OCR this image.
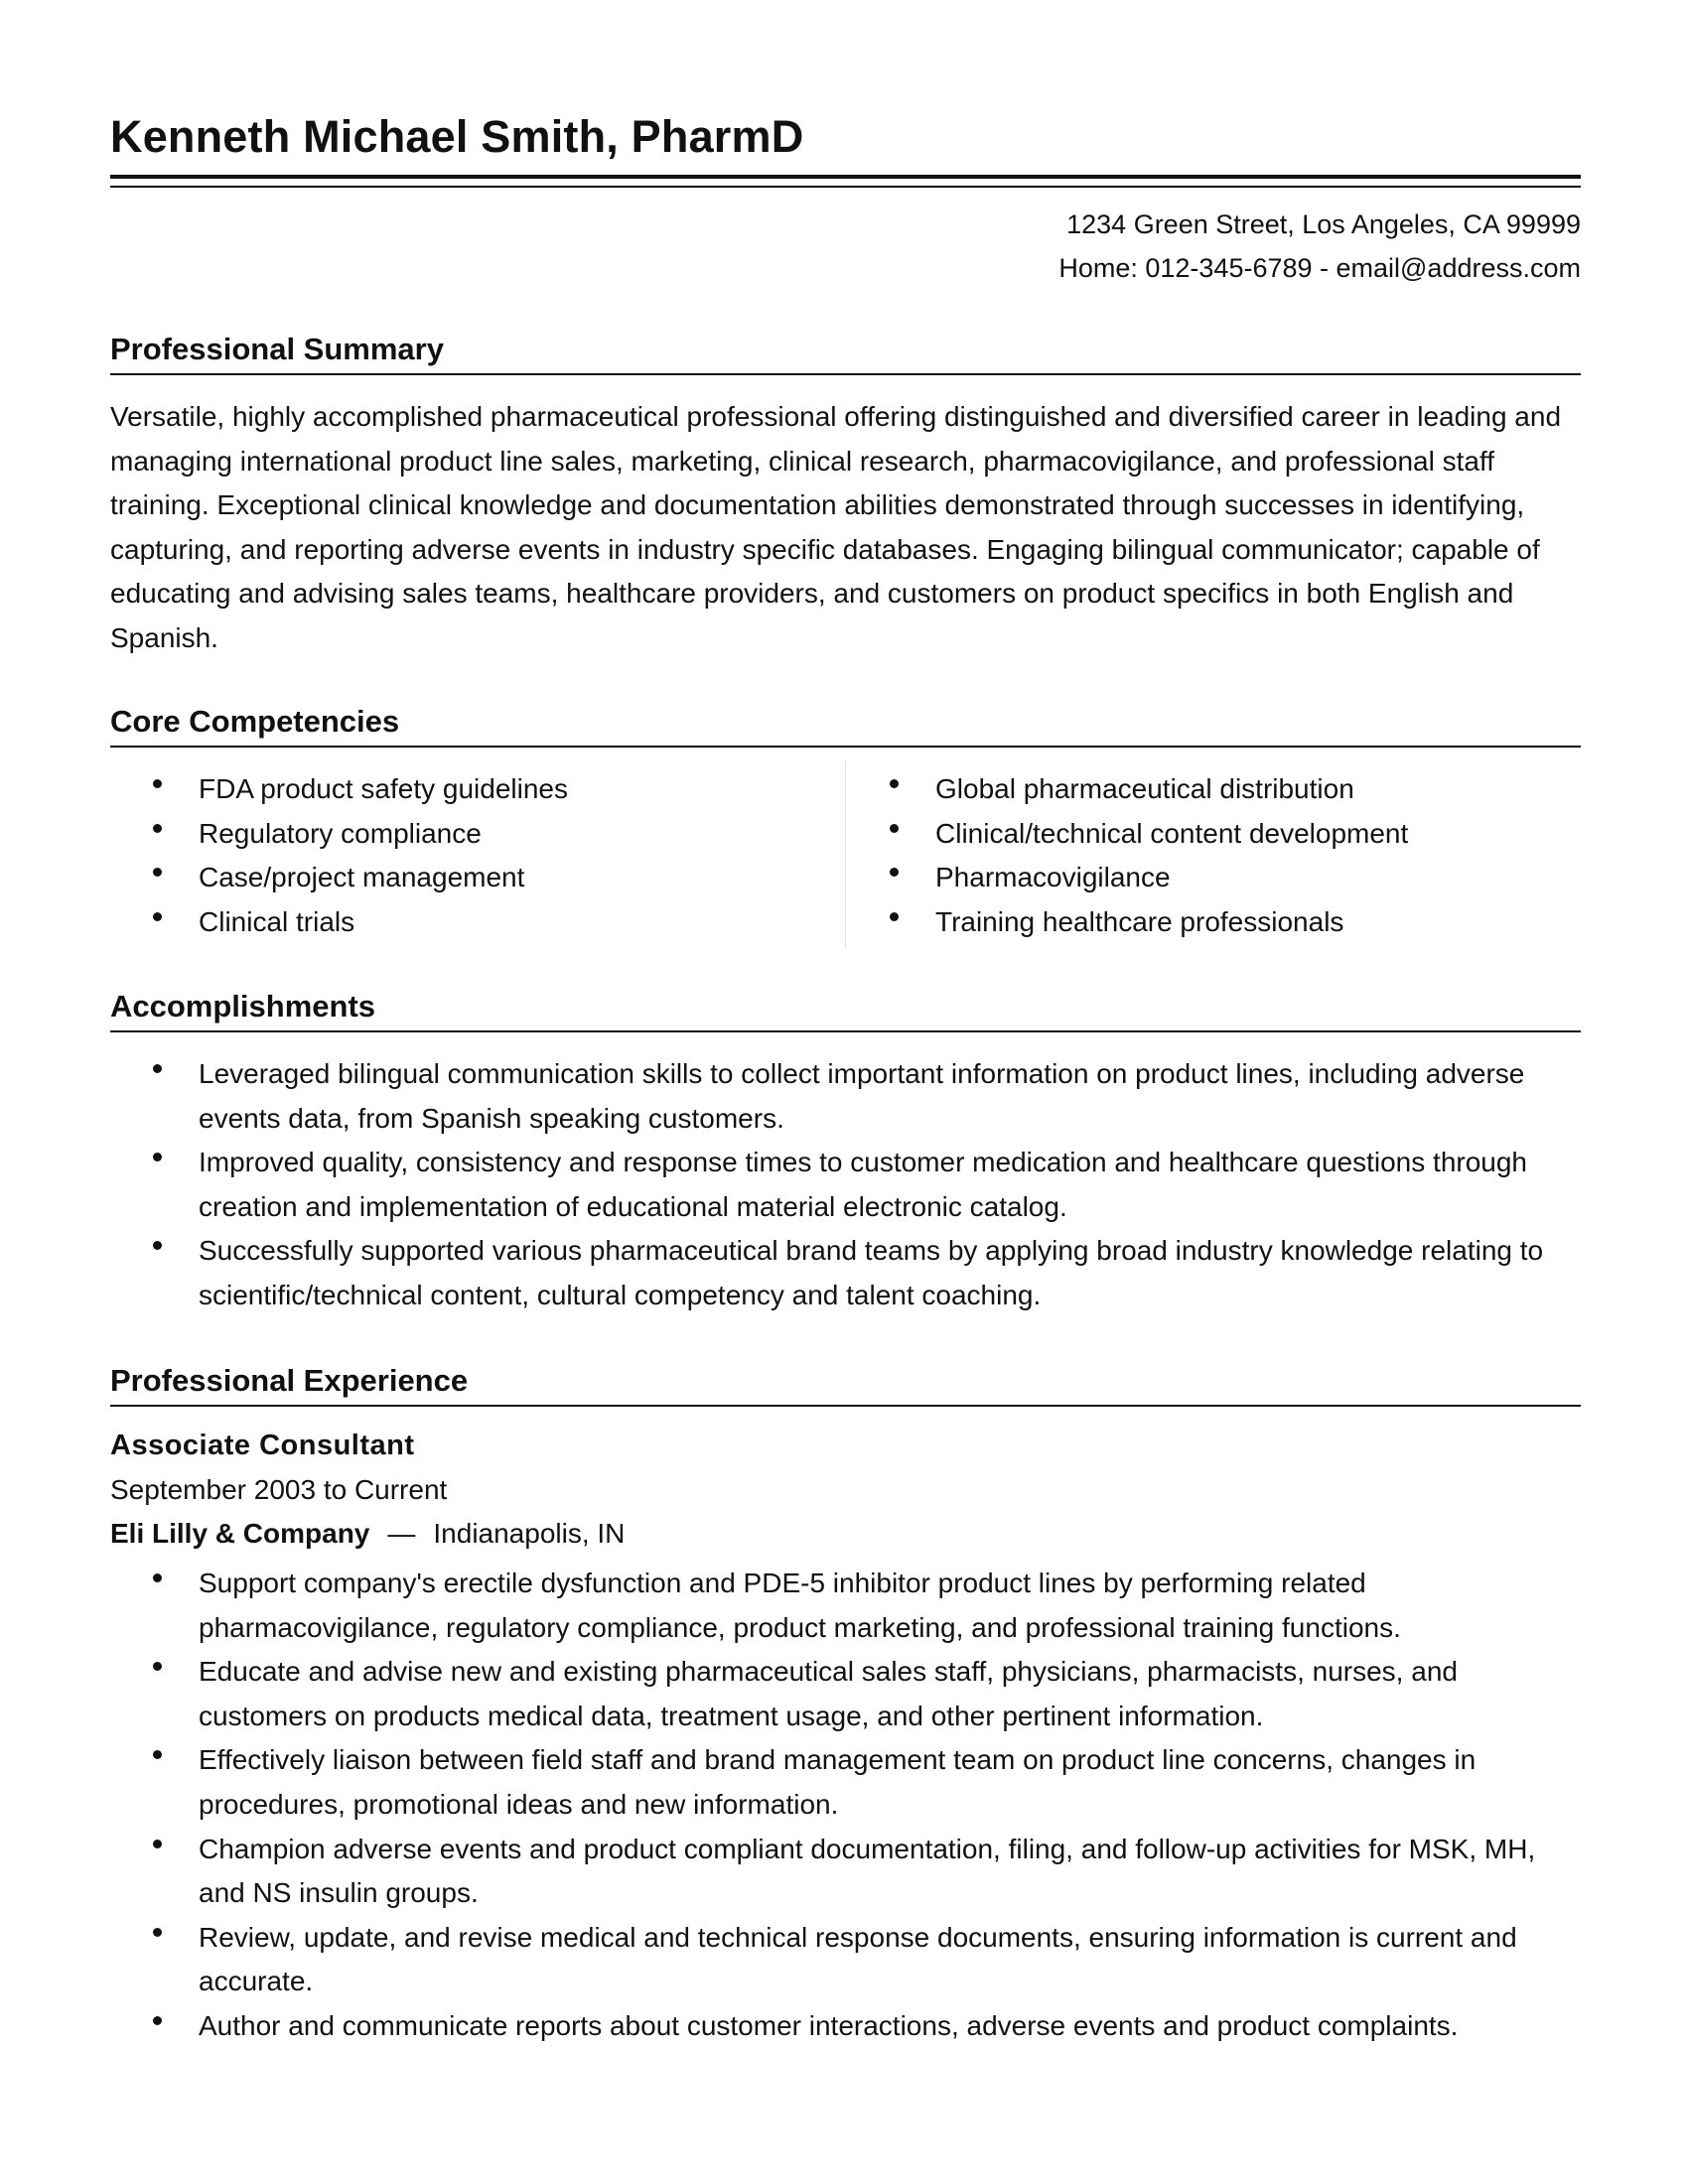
Kenneth Michael Smith, PharmD
1234 Green Street, Los Angeles, CA 99999
Home: 012-345-6789 - email@address.com
Professional Summary
Versatile, highly accomplished pharmaceutical professional offering distinguished and diversified career in leading and managing international product line sales, marketing, clinical research, pharmacovigilance, and professional staff training. Exceptional clinical knowledge and documentation abilities demonstrated through successes in identifying, capturing, and reporting adverse events in industry specific databases. Engaging bilingual communicator; capable of educating and advising sales teams, healthcare providers, and customers on product specifics in both English and Spanish.
Core Competencies
FDA product safety guidelines
Regulatory compliance
Case/project management
Clinical trials
Global pharmaceutical distribution
Clinical/technical content development
Pharmacovigilance
Training healthcare professionals
Accomplishments
Leveraged bilingual communication skills to collect important information on product lines, including adverse events data, from Spanish speaking customers.
Improved quality, consistency and response times to customer medication and healthcare questions through creation and implementation of educational material electronic catalog.
Successfully supported various pharmaceutical brand teams by applying broad industry knowledge relating to scientific/technical content, cultural competency and talent coaching.
Professional Experience
Associate Consultant
September 2003 to Current
Eli Lilly & Company — Indianapolis, IN
Support company's erectile dysfunction and PDE-5 inhibitor product lines by performing related pharmacovigilance, regulatory compliance, product marketing, and professional training functions.
Educate and advise new and existing pharmaceutical sales staff, physicians, pharmacists, nurses, and customers on products medical data, treatment usage, and other pertinent information.
Effectively liaison between field staff and brand management team on product line concerns, changes in procedures, promotional ideas and new information.
Champion adverse events and product compliant documentation, filing, and follow-up activities for MSK, MH, and NS insulin groups.
Review, update, and revise medical and technical response documents, ensuring information is current and accurate.
Author and communicate reports about customer interactions, adverse events and product complaints.
